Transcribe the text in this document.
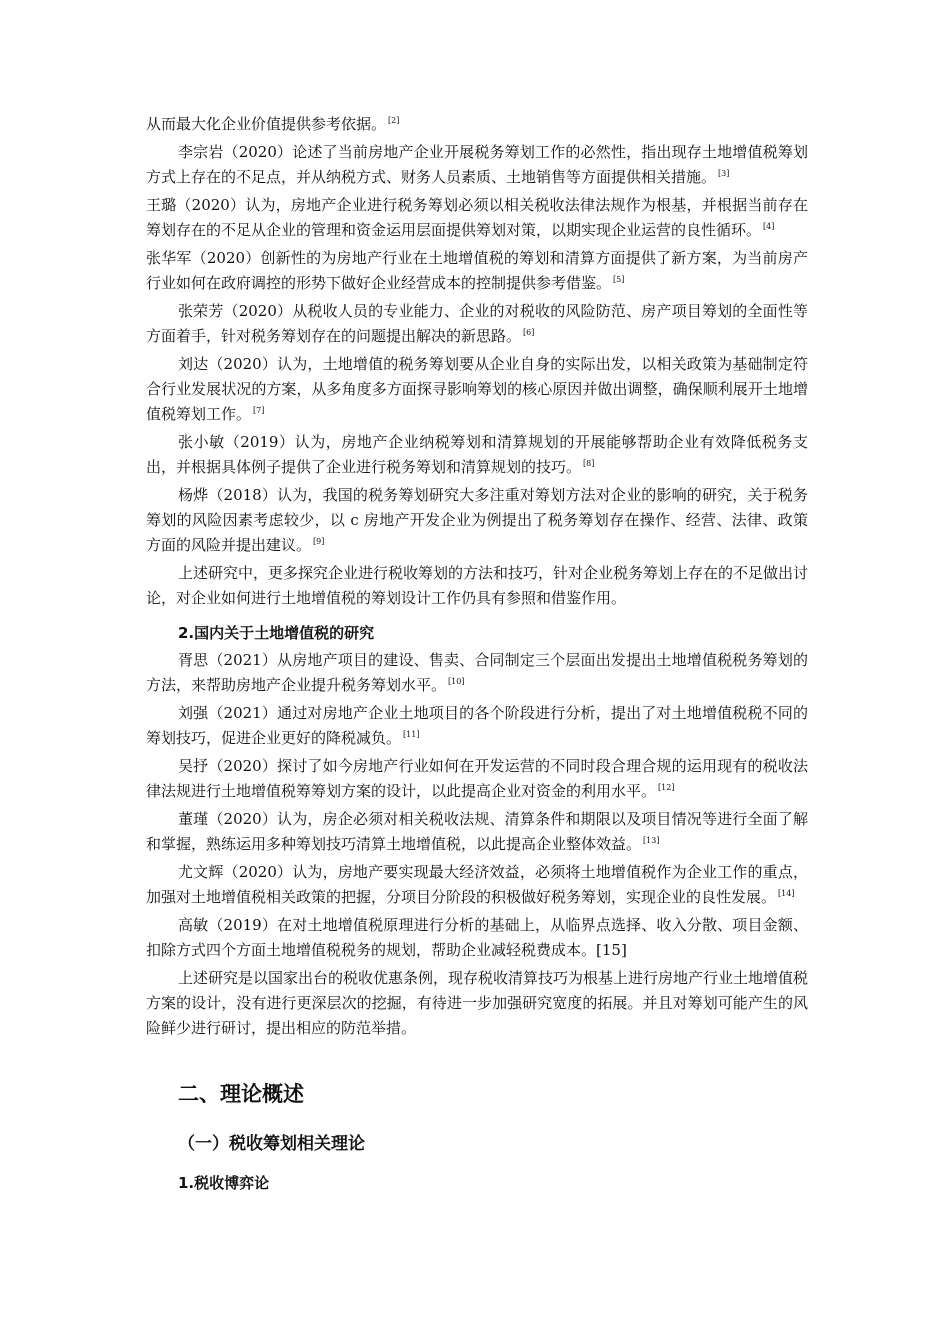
从而最大化企业价值提供参考依据。 [2]

李宗岩（2020）论述了当前房地产企业开展税务筹划工作的必然性，指出现存土地增值税筹划方式上存在的不足点，并从纳税方式、财务人员素质、土地销售等方面提供相关措施。 [3]

王璐（2020）认为，房地产企业进行税务筹划必须以相关税收法律法规作为根基，并根据当前存在筹划存在的不足从企业的管理和资金运用层面提供筹划对策，以期实现企业运营的良性循环。 [4]

张华军（2020）创新性的为房地产行业在土地增值税的筹划和清算方面提供了新方案，为当前房产行业如何在政府调控的形势下做好企业经营成本的控制提供参考借鉴。 [5]

张荣芳（2020）从税收人员的专业能力、企业的对税收的风险防范、房产项目筹划的全面性等方面着手，针对税务筹划存在的问题提出解决的新思路。 [6]

刘达（2020）认为，土地增值的税务筹划要从企业自身的实际出发，以相关政策为基础制定符合行业发展状况的方案，从多角度多方面探寻影响筹划的核心原因并做出调整，确保顺利展开土地增值税筹划工作。 [7]

张小敏（2019）认为，房地产企业纳税筹划和清算规划的开展能够帮助企业有效降低税务支出，并根据具体例子提供了企业进行税务筹划和清算规划的技巧。 [8]

杨烨（2018）认为，我国的税务筹划研究大多注重对筹划方法对企业的影响的研究，关于税务筹划的风险因素考虑较少，以 c 房地产开发企业为例提出了税务筹划存在操作、经营、法律、政策方面的风险并提出建议。 [9]

上述研究中，更多探究企业进行税收筹划的方法和技巧，针对企业税务筹划上存在的不足做出讨论，对企业如何进行土地增值税的筹划设计工作仍具有参照和借鉴作用。

2.国内关于土地增值税的研究

胥思（2021）从房地产项目的建设、售卖、合同制定三个层面出发提出土地增值税税务筹划的方法，来帮助房地产企业提升税务筹划水平。 [10]

刘强（2021）通过对房地产企业土地项目的各个阶段进行分析，提出了对土地增值税税不同的筹划技巧，促进企业更好的降税减负。 [11]

吴抒（2020）探讨了如今房地产行业如何在开发运营的不同时段合理合规的运用现有的税收法律法规进行土地增值税筹筹划方案的设计，以此提高企业对资金的利用水平。 [12]

董瑾（2020）认为，房企必须对相关税收法规、清算条件和期限以及项目情况等进行全面了解和掌握，熟练运用多种筹划技巧清算土地增值税，以此提高企业整体效益。 [13]

尤文辉（2020）认为，房地产要实现最大经济效益，必须将土地增值税作为企业工作的重点，加强对土地增值税相关政策的把握，分项目分阶段的积极做好税务筹划，实现企业的良性发展。 [14]

高敏（2019）在对土地增值税原理进行分析的基础上，从临界点选择、收入分散、项目金额、扣除方式四个方面土地增值税税务的规划，帮助企业减轻税费成本。[15]

上述研究是以国家出台的税收优惠条例，现存税收清算技巧为根基上进行房地产行业土地增值税方案的设计，没有进行更深层次的挖掘，有待进一步加强研究宽度的拓展。并且对筹划可能产生的风险鲜少进行研讨，提出相应的防范举措。

二、理论概述
（一）税收筹划相关理论
1.税收博弈论
